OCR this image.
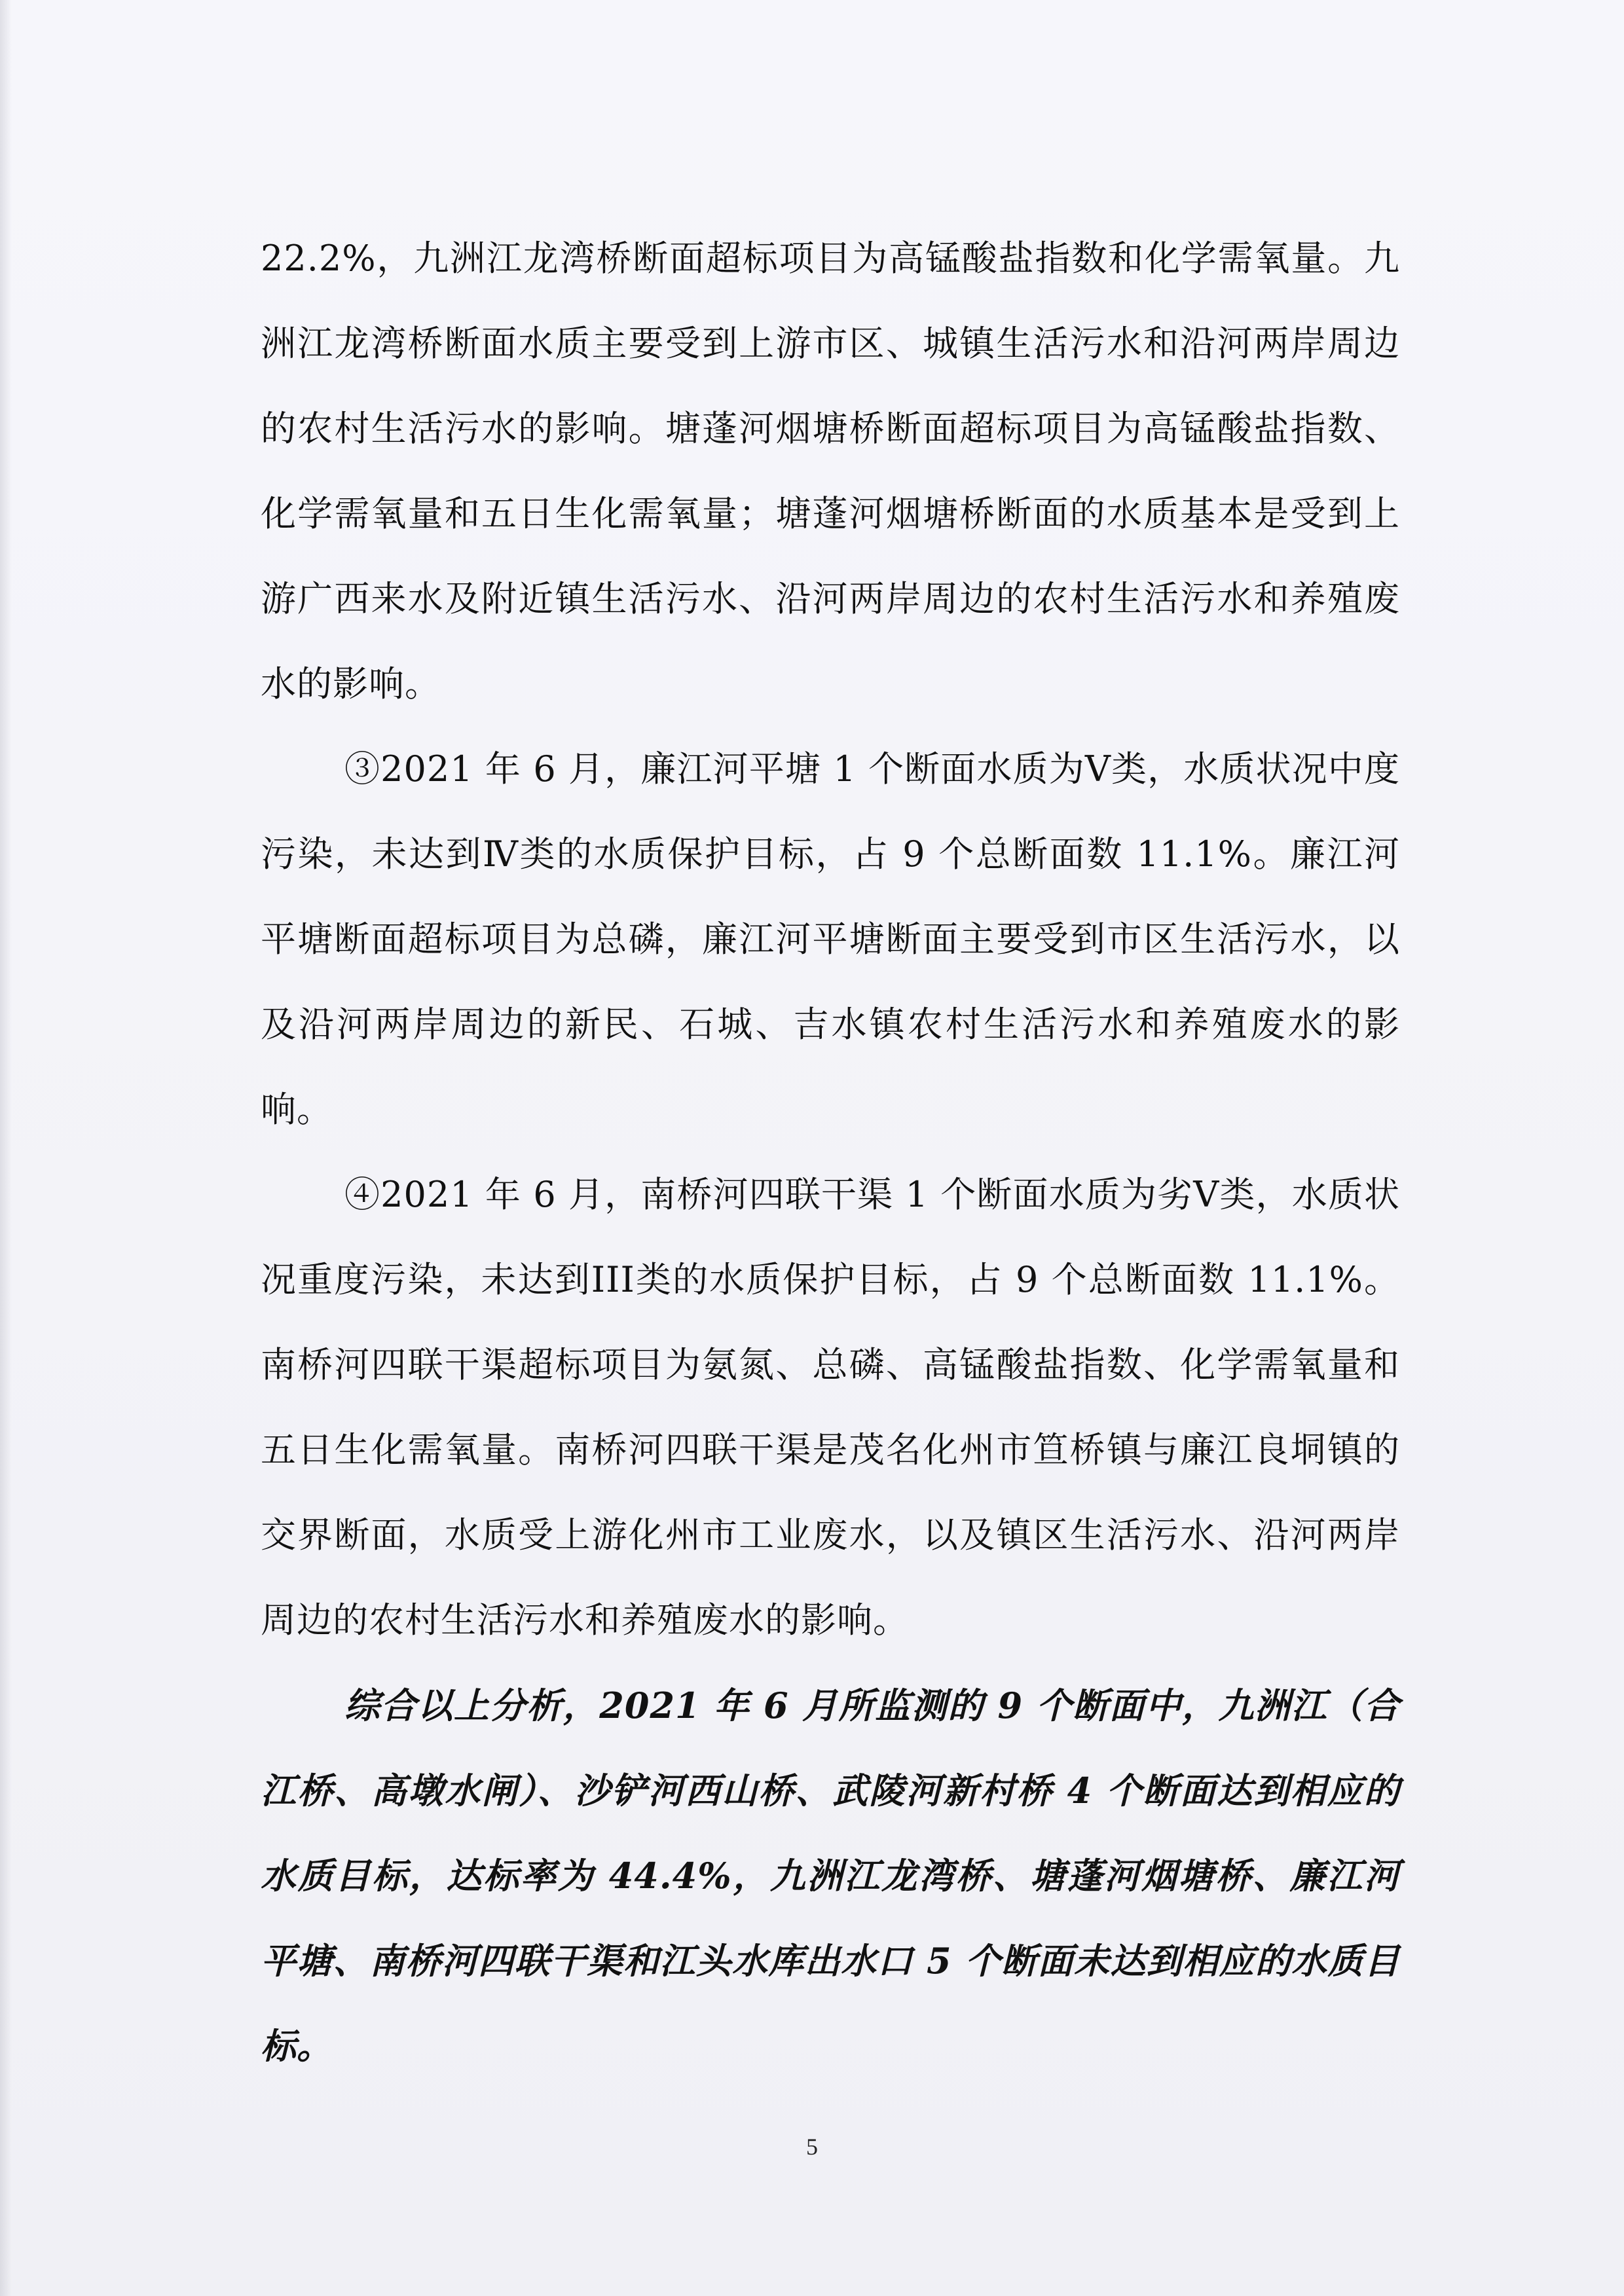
22.2%，九洲江龙湾桥断面超标项目为高锰酸盐指数和化学需氧量。九洲江龙湾桥断面水质主要受到上游市区、城镇生活污水和沿河两岸周边的农村生活污水的影响。塘蓬河烟塘桥断面超标项目为高锰酸盐指数、化学需氧量和五日生化需氧量；塘蓬河烟塘桥断面的水质基本是受到上游广西来水及附近镇生活污水、沿河两岸周边的农村生活污水和养殖废水的影响。

③2021 年 6 月，廉江河平塘 1 个断面水质为Ⅴ类，水质状况中度污染，未达到Ⅳ类的水质保护目标，占 9 个总断面数 11.1%。廉江河平塘断面超标项目为总磷，廉江河平塘断面主要受到市区生活污水，以及沿河两岸周边的新民、石城、吉水镇农村生活污水和养殖废水的影响。

④2021 年 6 月，南桥河四联干渠 1 个断面水质为劣Ⅴ类，水质状况重度污染，未达到III类的水质保护目标，占 9 个总断面数 11.1%。南桥河四联干渠超标项目为氨氮、总磷、高锰酸盐指数、化学需氧量和五日生化需氧量。南桥河四联干渠是茂名化州市笪桥镇与廉江良垌镇的交界断面，水质受上游化州市工业废水，以及镇区生活污水、沿河两岸周边的农村生活污水和养殖废水的影响。

综合以上分析，2021 年 6 月所监测的 9 个断面中，九洲江（合江桥、高墩水闸）、沙铲河西山桥、武陵河新村桥 4 个断面达到相应的水质目标，达标率为 44.4%，九洲江龙湾桥、塘蓬河烟塘桥、廉江河平塘、南桥河四联干渠和江头水库出水口 5 个断面未达到相应的水质目标。

5
